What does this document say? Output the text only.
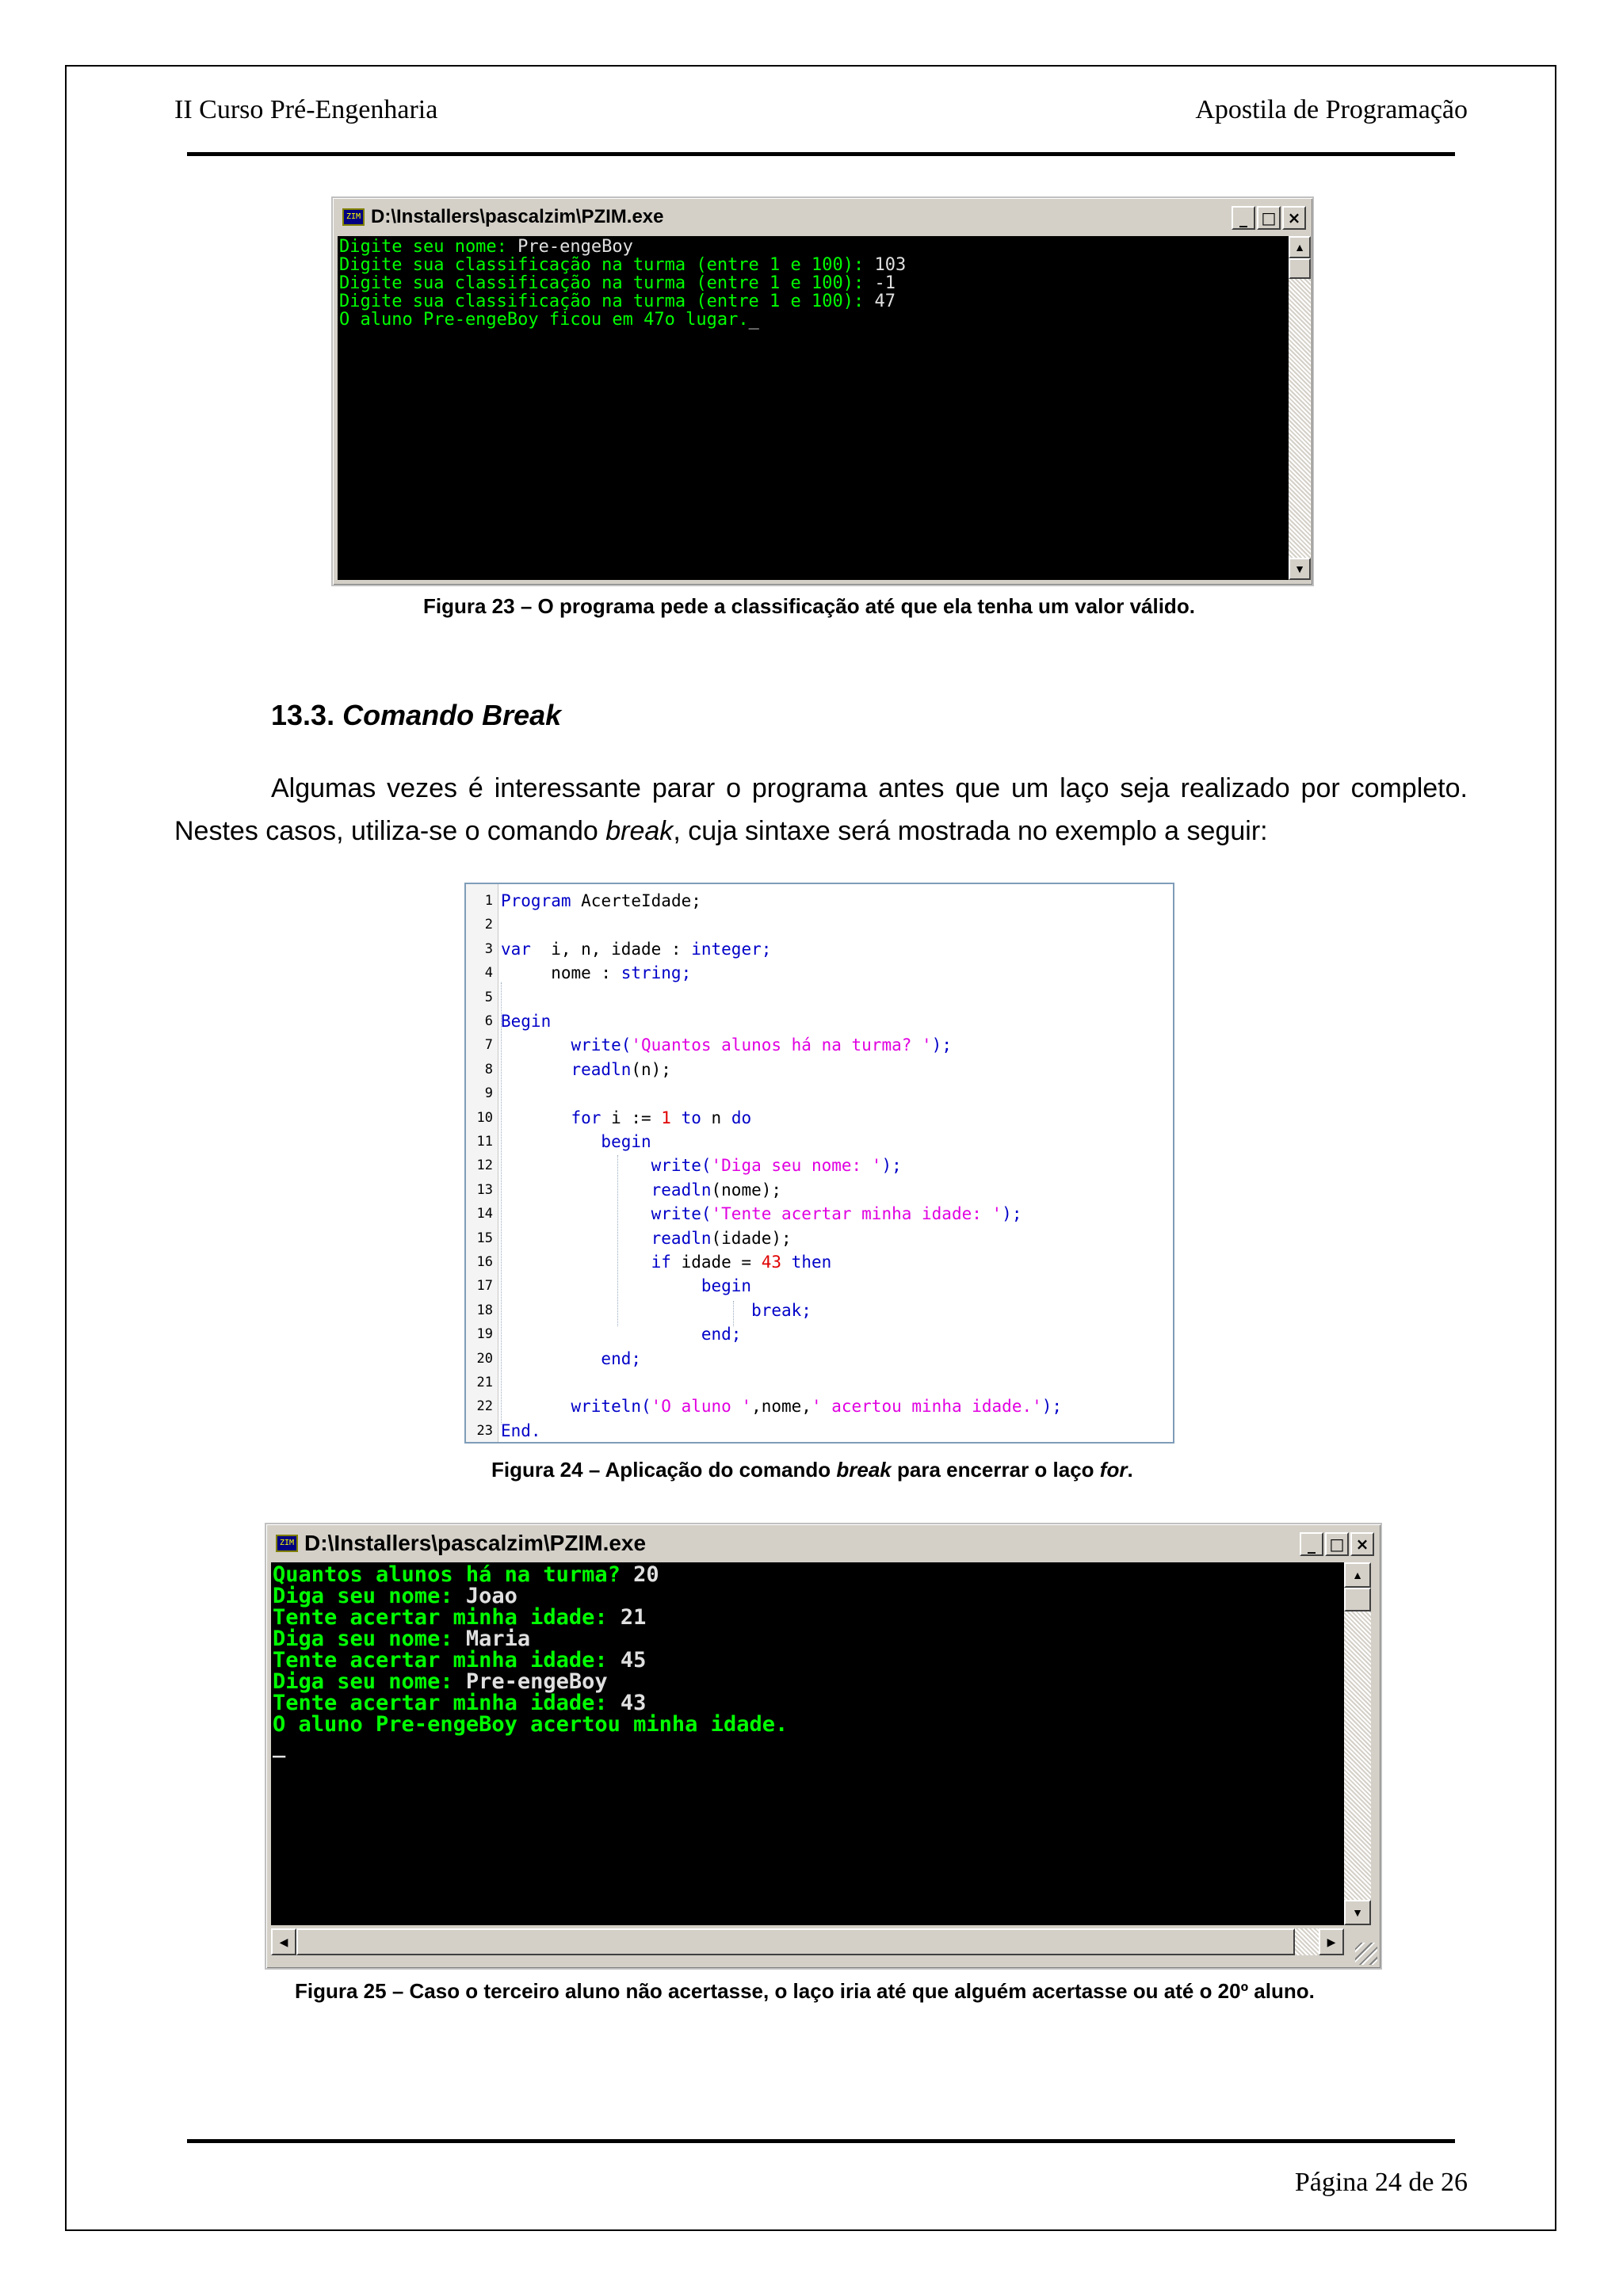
II Curso Pré-Engenharia	Apostila de Programação
ZIM D:\Installers\pascalzim\PZIM.exe	_ □ ×
Digite seu nome: Pre-engeBoy
Digite sua classificação na turma (entre 1 e 100): 103
Digite sua classificação na turma (entre 1 e 100): -1
Digite sua classificação na turma (entre 1 e 100): 47
O aluno Pre-engeBoy ficou em 47o lugar._
▲
▼
Figura 23 – O programa pede a classificação até que ela tenha um valor válido.
13.3. Comando Break
Algumas vezes é interessante parar o programa antes que um laço seja realizado por completo.
Nestes casos, utiliza-se o comando break, cuja sintaxe será mostrada no exemplo a seguir:
1 Program AcerteIdade;
2
3 var  i, n, idade : integer;
4 nome : string;
5
6 Begin
7 write('Quantos alunos há na turma? ');
8 readln(n);
9
10 for i := 1 to n do
11 begin
12 write('Diga seu nome: ');
13 readln(nome);
14 write('Tente acertar minha idade: ');
15 readln(idade);
16 if idade = 43 then
17 begin
18 break;
19 end;
20 end;
21
22 writeln('O aluno ',nome,' acertou minha idade.');
23 End.
Figura 24 – Aplicação do comando break para encerrar o laço for.
ZIM D:\Installers\pascalzim\PZIM.exe	_ □ ×
Quantos alunos há na turma? 20
Diga seu nome: Joao
Tente acertar minha idade: 21
Diga seu nome: Maria
Tente acertar minha idade: 45
Diga seu nome: Pre-engeBoy
Tente acertar minha idade: 43
O aluno Pre-engeBoy acertou minha idade.
_
▲
▼
◀	▶
Figura 25 – Caso o terceiro aluno não acertasse, o laço iria até que alguém acertasse ou até o 20º aluno.
Página 24 de 26
